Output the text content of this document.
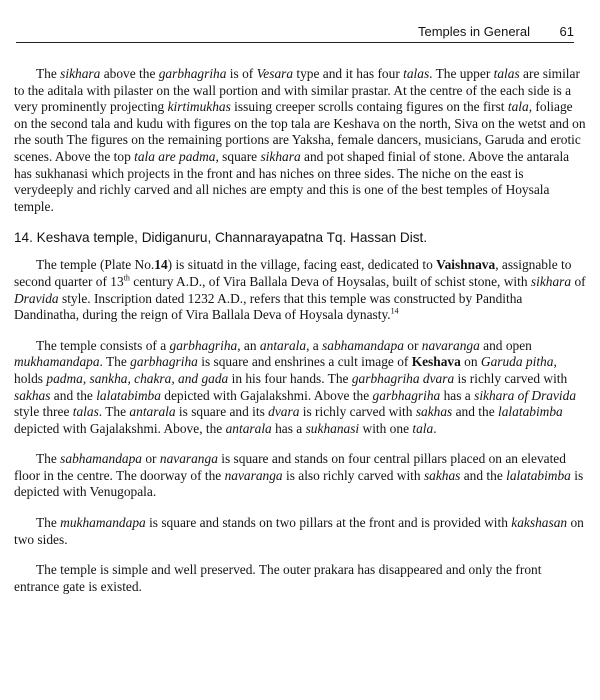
Temples in General 61

The sikhara above the garbhagriha is of Vesara type and it has four talas. The upper talas are similar to the aditala with pilaster on the wall portion and with similar prastar. At the centre of the each side is a very prominently projecting kirtimukhas issuing creeper scrolls containg figures on the first tala, foliage on the second tala and kudu with figures on the top tala are Keshava on the north, Siva on the wetst and on rhe south The figures on the remaining portions are Yaksha, female dancers, musicians, Garuda and erotic scenes. Above the top tala are padma, square sikhara and pot shaped finial of stone. Above the antarala has sukhanasi which projects in the front and has niches on three sides. The niche on the east is verydeeply and richly carved and all niches are empty and this is one of the best temples of Hoysala temple.

14. Keshava temple, Didiganuru, Channarayapatna Tq. Hassan Dist.

The temple (Plate No.14) is situatd in the village, facing east, dedicated to Vaishnava, assignable to second quarter of 13th century A.D., of Vira Ballala Deva of Hoysalas, built of schist stone, with sikhara of Dravida style. Inscription dated 1232 A.D., refers that this temple was constructed by Panditha Dandinatha, during the reign of Vira Ballala Deva of Hoysala dynasty.$^{14}$

The temple consists of a garbhagriha, an antarala, a sabhamandapa or navaranga and open mukhamandapa. The garbhagriha is square and enshrines a cult image of Keshava on Garuda pitha, holds padma, sankha, chakra, and gada in his four hands. The garbhagriha dvara is richly carved with sakhas and the lalatabimba depicted with Gajalakshmi. Above the garbhagriha has a sikhara of Dravida style three talas. The antarala is square and its dvara is richly carved with sakhas and the lalatabimba depicted with Gajalakshmi. Above, the antarala has a sukhanasi with one tala.

The sabhamandapa or navaranga is square and stands on four central pillars placed on an elevated floor in the centre. The doorway of the navaranga is also richly carved with sakhas and the lalatabimba is depicted with Venugopala.

The mukhamandapa is square and stands on two pillars at the front and is provided with kakshasan on two sides.

The temple is simple and well preserved. The outer prakara has disappeared and only the front entrance gate is existed.
